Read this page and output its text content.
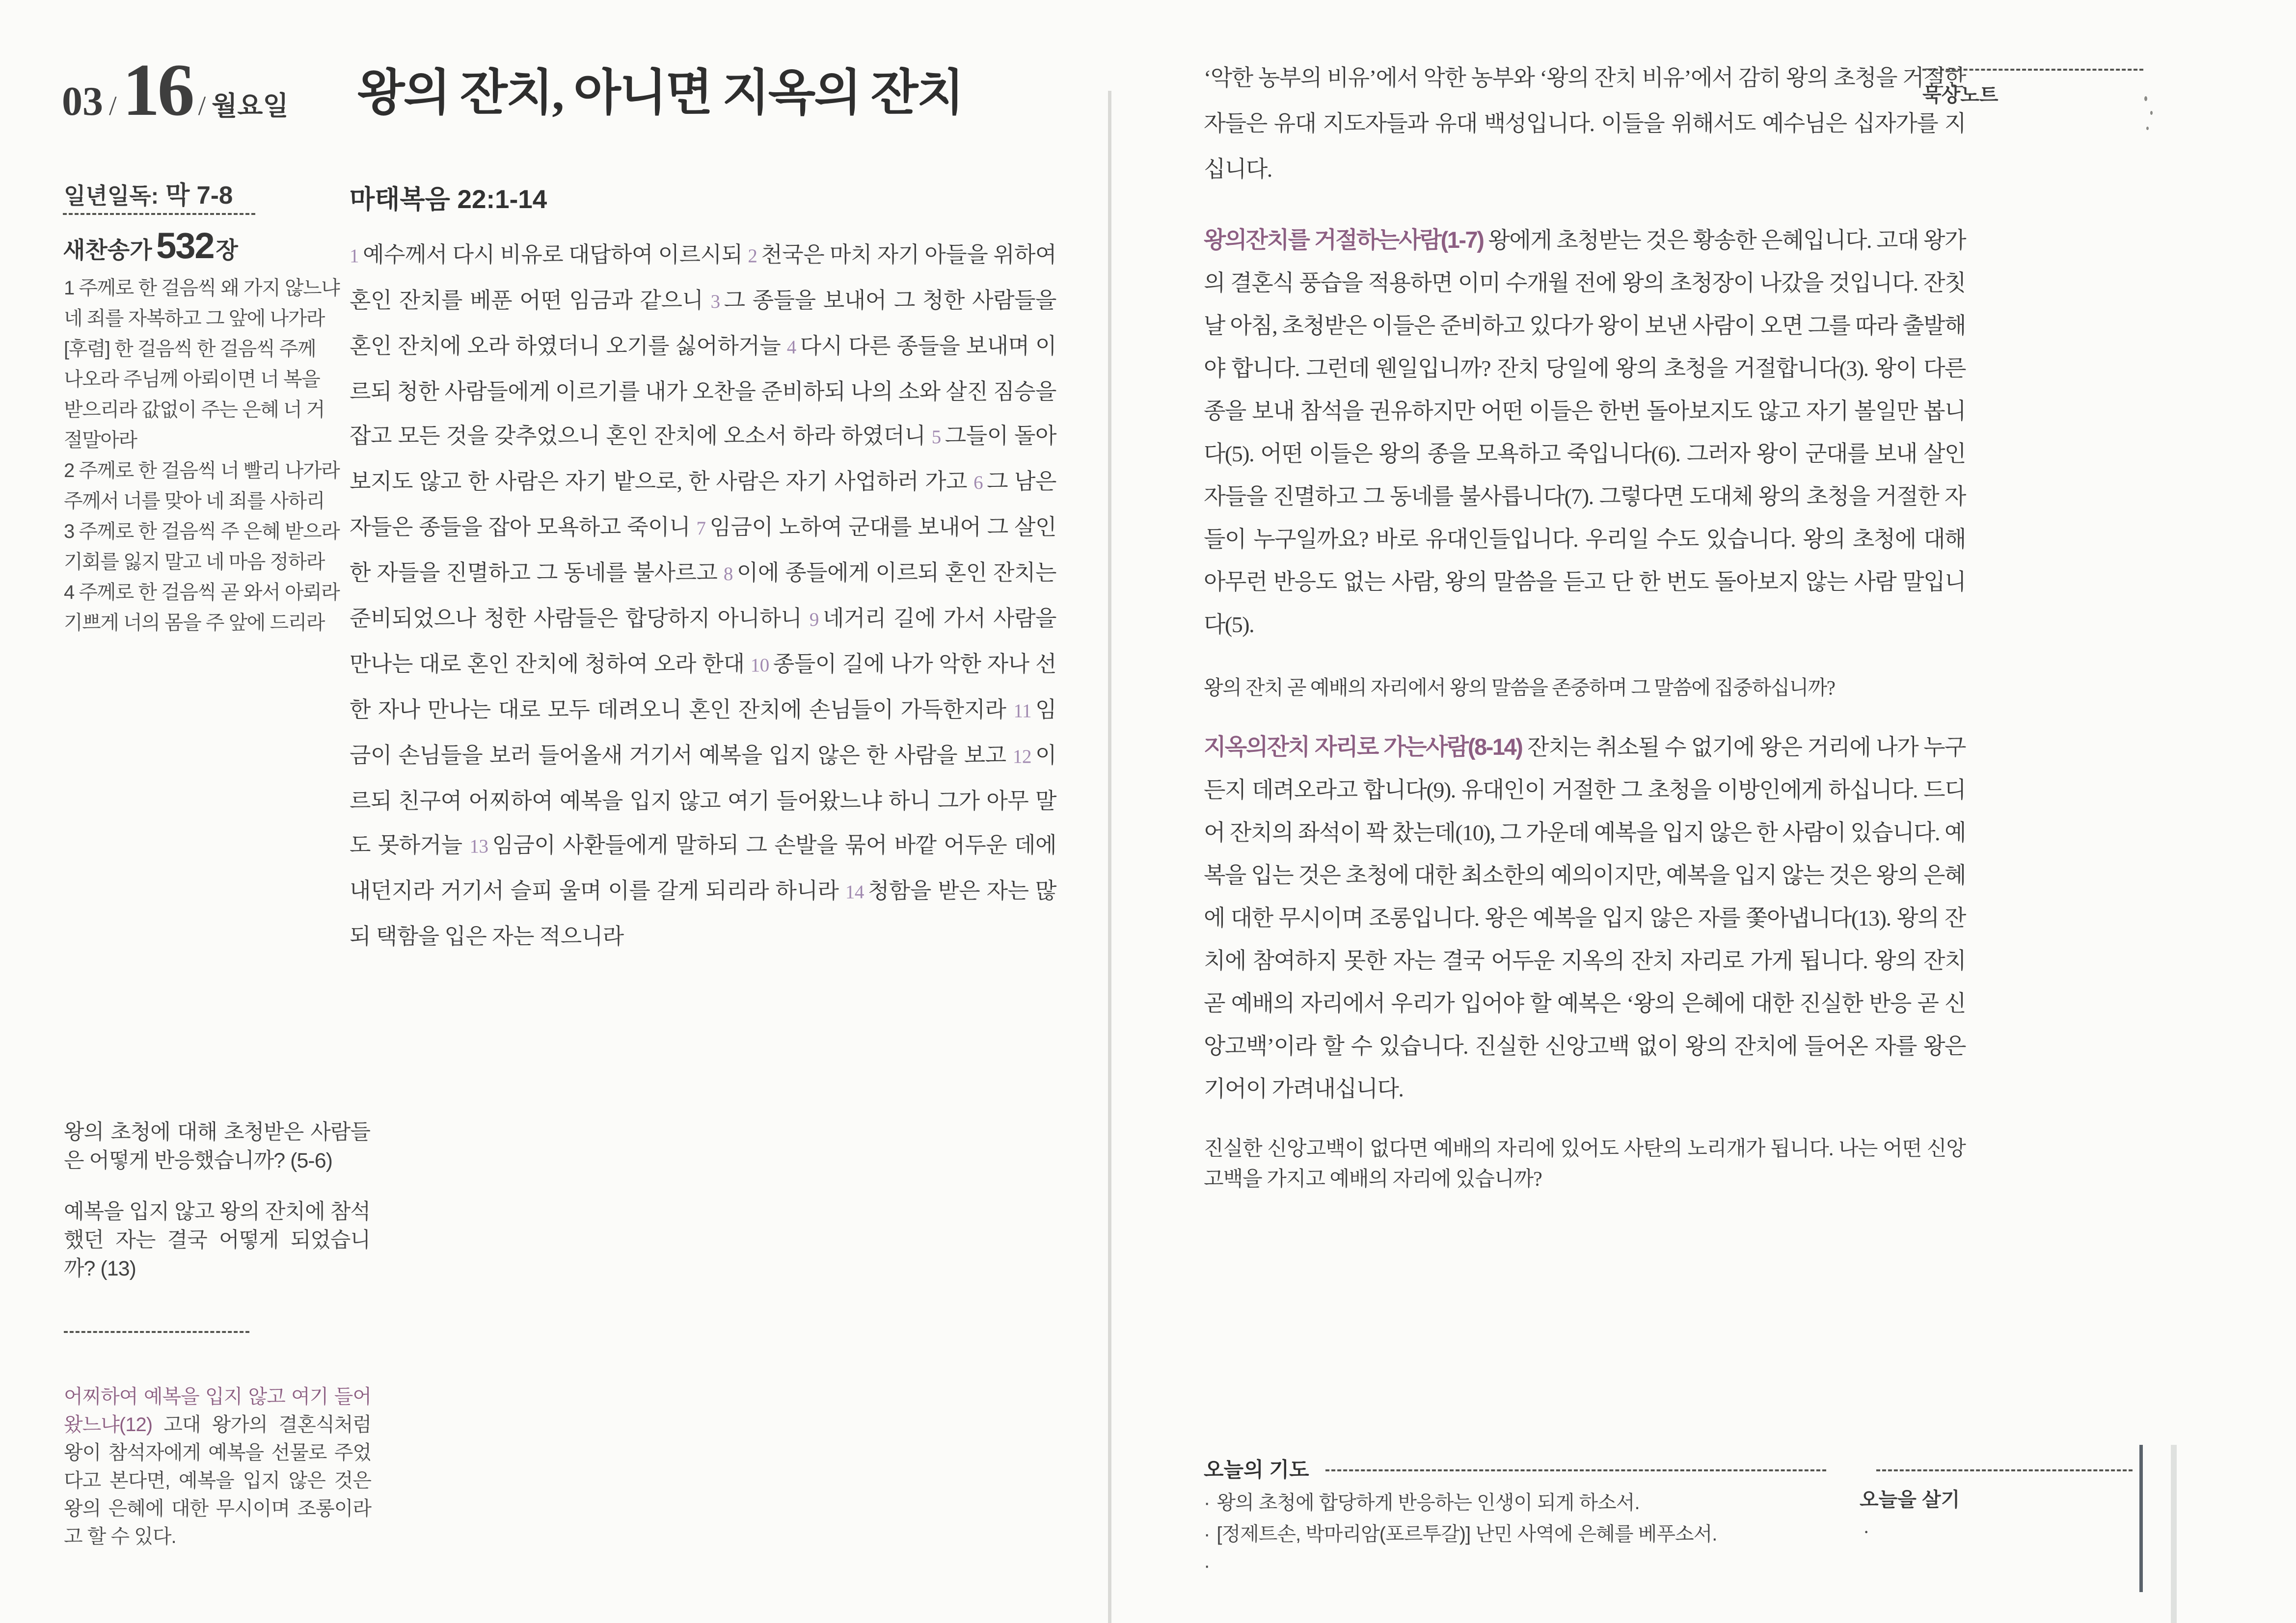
03 /16 / 월요일
일년일독: 막 7-8
새찬송가 532장
1 주께로 한 걸음씩 왜 가지 않느냐
네 죄를 자복하고 그 앞에 나가라
[후렴] 한 걸음씩 한 걸음씩 주께
나오라 주님께 아뢰이면 너 복을
받으리라 값없이 주는 은혜 너 거
절말아라
2 주께로 한 걸음씩 너 빨리 나가라
주께서 너를 맞아 네 죄를 사하리
3 주께로 한 걸음씩 주 은혜 받으라
기회를 잃지 말고 네 마음 정하라
4 주께로 한 걸음씩 곧 와서 아뢰라
기쁘게 너의 몸을 주 앞에 드리라
왕의 초청에 대해 초청받은 사람들은 어떻게 반응했습니까? (5-6)
예복을 입지 않고 왕의 잔치에 참석했던 자는 결국 어떻게 되었습니까? (13)
어찌하여 예복을 입지 않고 여기 들어왔느냐(12) 고대 왕가의 결혼식처럼 왕이 참석자에게 예복을 선물로 주었다고 본다면, 예복을 입지 않은 것은 왕의 은혜에 대한 무시이며 조롱이라고 할 수 있다.
왕의 잔치, 아니면 지옥의 잔치
마태복음 22:1-14
1 예수께서 다시 비유로 대답하여 이르시되 2 천국은 마치 자기 아들을 위하여 혼인 잔치를 베푼 어떤 임금과 같으니 3 그 종들을 보내어 그 청한 사람들을 혼인 잔치에 오라 하였더니 오기를 싫어하거늘 4 다시 다른 종들을 보내며 이르되 청한 사람들에게 이르기를 내가 오찬을 준비하되 나의 소와 살진 짐승을 잡고 모든 것을 갖추었으니 혼인 잔치에 오소서 하라 하였더니 5 그들이 돌아 보지도 않고 한 사람은 자기 밭으로, 한 사람은 자기 사업하러 가고 6 그 남은 자들은 종들을 잡아 모욕하고 죽이니 7 임금이 노하여 군대를 보내어 그 살인한 자들을 진멸하고 그 동네를 불사르고 8 이에 종들에게 이르되 혼인 잔치는 준비되었으나 청한 사람들은 합당하지 아니하니 9 네거리 길에 가서 사람을 만나는 대로 혼인 잔치에 청하여 오라 한대 10 종들이 길에 나가 악한 자나 선한 자나 만나는 대로 모두 데려오니 혼인 잔치에 손님들이 가득한지라 11 임금이 손님들을 보러 들어올새 거기서 예복을 입지 않은 한 사람을 보고 12 이르되 친구여 어찌하여 예복을 입지 않고 여기 들어왔느냐 하니 그가 아무 말도 못하거늘 13 임금이 사환들에게 말하되 그 손발을 묶어 바깥 어두운 데에 내던지라 거기서 슬피 울며 이를 갈게 되리라 하니라 14 청함을 받은 자는 많되 택함을 입은 자는 적으니라
묵상노트
‘악한 농부의 비유’에서 악한 농부와 ‘왕의 잔치 비유’에서 감히 왕의 초청을 거절한 자들은 유대 지도자들과 유대 백성입니다. 이들을 위해서도 예수님은 십자가를 지십니다.
왕의잔치를 거절하는사람(1-7) 왕에게 초청받는 것은 황송한 은혜입니다. 고대 왕가의 결혼식 풍습을 적용하면 이미 수개월 전에 왕의 초청장이 나갔을 것입니다. 잔칫날 아침, 초청받은 이들은 준비하고 있다가 왕이 보낸 사람이 오면 그를 따라 출발해야 합니다. 그런데 웬일입니까? 잔치 당일에 왕의 초청을 거절합니다(3). 왕이 다른 종을 보내 참석을 권유하지만 어떤 이들은 한번 돌아보지도 않고 자기 볼일만 봅니다(5). 어떤 이들은 왕의 종을 모욕하고 죽입니다(6). 그러자 왕이 군대를 보내 살인자들을 진멸하고 그 동네를 불사릅니다(7). 그렇다면 도대체 왕의 초청을 거절한 자들이 누구일까요? 바로 유대인들입니다. 우리일 수도 있습니다. 왕의 초청에 대해 아무런 반응도 없는 사람, 왕의 말씀을 듣고 단 한 번도 돌아보지 않는 사람 말입니다(5).
왕의 잔치 곧 예배의 자리에서 왕의 말씀을 존중하며 그 말씀에 집중하십니까?
지옥의잔치 자리로 가는사람(8-14) 잔치는 취소될 수 없기에 왕은 거리에 나가 누구든지 데려오라고 합니다(9). 유대인이 거절한 그 초청을 이방인에게 하십니다. 드디어 잔치의 좌석이 꽉 찼는데(10), 그 가운데 예복을 입지 않은 한 사람이 있습니다. 예복을 입는 것은 초청에 대한 최소한의 예의이지만, 예복을 입지 않는 것은 왕의 은혜에 대한 무시이며 조롱입니다. 왕은 예복을 입지 않은 자를 쫓아냅니다(13). 왕의 잔치에 참여하지 못한 자는 결국 어두운 지옥의 잔치 자리로 가게 됩니다. 왕의 잔치 곧 예배의 자리에서 우리가 입어야 할 예복은 ‘왕의 은혜에 대한 진실한 반응 곧 신앙고백’이라 할 수 있습니다. 진실한 신앙고백 없이 왕의 잔치에 들어온 자를 왕은 기어이 가려내십니다.
진실한 신앙고백이 없다면 예배의 자리에 있어도 사탄의 노리개가 됩니다. 나는 어떤 신앙고백을 가지고 예배의 자리에 있습니까?
오늘의 기도
· 왕의 초청에 합당하게 반응하는 인생이 되게 하소서.
· [정제트손, 박마리암(포르투갈)] 난민 사역에 은혜를 베푸소서.
·
오늘을 살기
·
